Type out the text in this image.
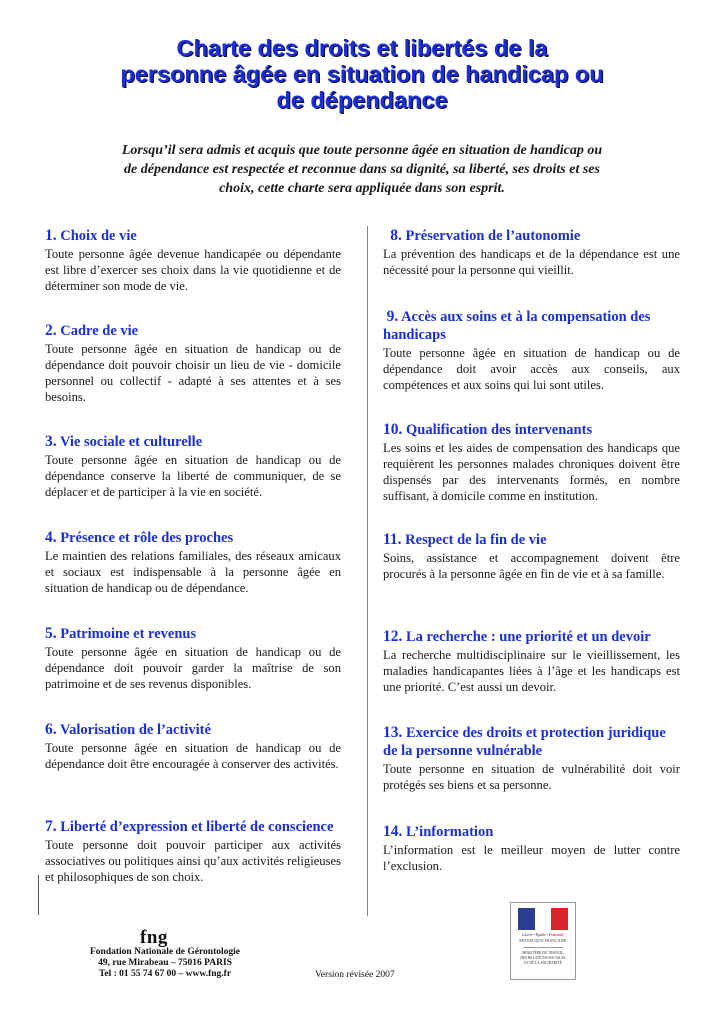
Charte des droits et libertés de la
personne âgée en situation de handicap ou
de dépendance
Lorsqu’il sera admis et acquis que toute personne âgée en situation de handicap ou
de dépendance est respectée et reconnue dans sa dignité, sa liberté, ses droits et ses
choix, cette charte sera appliquée dans son esprit.
1. Choix de vie
Toute personne âgée devenue handicapée ou dépendante est libre d’exercer ses choix dans la vie quotidienne et de déterminer son mode de vie.
2. Cadre de vie
Toute personne âgée en situation de handicap ou de dépendance doit pouvoir choisir un lieu de vie - domicile personnel ou collectif - adapté à ses attentes et à ses besoins.
3. Vie sociale et culturelle
Toute personne âgée en situation de handicap ou de dépendance conserve la liberté de communiquer, de se déplacer et de participer à la vie en société.
4. Présence et rôle des proches
Le maintien des relations familiales, des réseaux amicaux et sociaux est indispensable à la personne âgée en situation de handicap ou de dépendance.
5. Patrimoine et revenus
Toute personne âgée en situation de handicap ou de dépendance doit pouvoir garder la maîtrise de son patrimoine et de ses revenus disponibles.
6. Valorisation de l’activité
Toute personne âgée en situation de handicap ou de dépendance doit être encouragée à conserver des activités.
7. Liberté d’expression et liberté de conscience
Toute personne doit pouvoir participer aux activités associatives ou politiques ainsi qu’aux activités religieuses et philosophiques de son choix.
8. Préservation de l’autonomie
La prévention des handicaps et de la dépendance est une nécessité pour la personne qui vieillit.
9. Accès aux soins et à la compensation des handicaps
Toute personne âgée en situation de handicap ou de dépendance doit avoir accès aux conseils, aux compétences et aux soins qui lui sont utiles.
10. Qualification des intervenants
Les soins et les aides de compensation des handicaps que requièrent les personnes malades chroniques doivent être dispensés par des intervenants formés, en nombre suffisant, à domicile comme en institution.
11. Respect de la fin de vie
Soins, assistance et accompagnement doivent être procurés à la personne âgée en fin de vie et à sa famille.
12. La recherche : une priorité et un devoir
La recherche multidisciplinaire sur le vieillissement, les maladies handicapantes liées à l’âge et les handicaps est une priorité. C’est aussi un devoir.
13. Exercice des droits et protection juridique de la personne vulnérable
Toute personne en situation de vulnérabilité doit voir protégés ses biens et sa personne.
14. L’information
L’information est le meilleur moyen de lutter contre l’exclusion.
fng
Fondation Nationale de Gérontologie
49, rue Mirabeau – 75016 PARIS
Tel : 01 55 74 67 00 – www.fng.fr	Version révisée 2007
Liberté • Égalité • Fraternité
RÉPUBLIQUE FRANÇAISE
MINISTÈRE DU TRAVAIL,
DES RELATIONS SOCIALES
ET DE LA SOLIDARITÉ
